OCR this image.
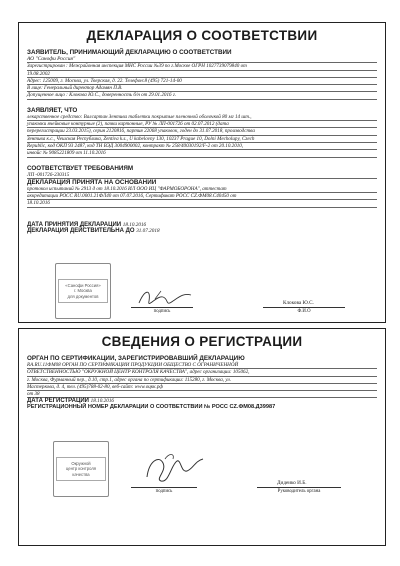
ДЕКЛАРАЦИЯ О СООТВЕТСТВИИ
ЗАЯВИТЕЛЬ, ПРИНИМАЮЩИЙ ДЕКЛАРАЦИЮ О СООТВЕТСТВИИ
АО "Санофи Россия"
Зарегистрирован : Межрайонная инспекция МНС России №39 по г.Москве ОГРН 1027739079840 от
19.08.2002
Адрес: 125009, г. Москва, ул. Тверская, д. 22. Телефон:8 (495) 721-14-00
В лице: Генеральный директор Адамян П.В.
Допущенное лицо : Клокова Ю.С., доверенность б/н от 29.01.2016 г.
ЗАЯВЛЯЕТ, ЧТО
лекарственное средство: Валсартан Зентива таблетки покрытые пленочной оболочкой 80 мг 14 шт.,
упаковки ячейковые контурные (2), пачки картонные, РУ № ЛП-001726 от 02.07.2012 (дата
перерегистрации 23.03.2015), серия 2120816, партия 22068 упаковок, годен до 31.07.2018, производства
Зентива к.с., Чешская Республика, Zentiva k.s., U kabelovny 130, 10237 Prague 10, Dolni Mecholupy, Czech
Republic, код ОКП 93 2487, код ТН ВЭД 3004900002, контракт № 258/40030192/F-2 от 20.10.2010,
инвойс № 9085221809 от 11.10.2016
СООТВЕТСТВУЕТ ТРЕБОВАНИЯМ
ЛП -001726-230315
ДЕКЛАРАЦИЯ ПРИНЯТА НА ОСНОВАНИИ
протокол испытаний № 2913 д от 18.10.2016 ИЛ ООО ИЦ "ФАРМОБОРОНА", аттестат
аккредитации РОСС RU.0001.21ФЛ40 от 07.07.2016, Сертификат РОСС CZ.ФМ08.С40450 от
18.10.2016
ДАТА ПРИНЯТИЯ ДЕКЛАРАЦИИ 18.10.2016
ДЕКЛАРАЦИЯ ДЕЙСТВИТЕЛЬНА ДО 31.07.2018
«Санофи Россия»
г. Москва
для документов
подпись
Клокова Ю.С.
Ф.И.О
СВЕДЕНИЯ О РЕГИСТРАЦИИ
ОРГАН ПО СЕРТИФИКАЦИИ, ЗАРЕГИСТРИРОВАВШИЙ ДЕКЛАРАЦИЮ
RA.RU.11ФМ08 ОРГАН ПО СЕРТИФИКАЦИИ ПРОДУКЦИИ ОБЩЕСТВО С ОГРАНИЧЕННОЙ
ОТВЕТСТВЕННОСТЬЮ "ОКРУЖНОЙ ЦЕНТР КОНТРОЛЯ КАЧЕСТВА", адрес организации: 105062,
г. Москва, Фурманный пер., д.10, стр.1, адрес органа по сертификации: 115280, г. Москва, ул.
Мастеркова, д. 4, тел. (495)788-02-80, веб-сайт: www.оцкк.рф
от 38
ДАТА РЕГИСТРАЦИИ 18.10.2016
РЕГИСТРАЦИОННЫЙ НОМЕР ДЕКЛАРАЦИИ О СООТВЕТСТВИИ № РОСС CZ.ФМ08.Д39987
Окружной
центр контроля
качества
подпись
Дидеико И.Б.
Руководитель органа
